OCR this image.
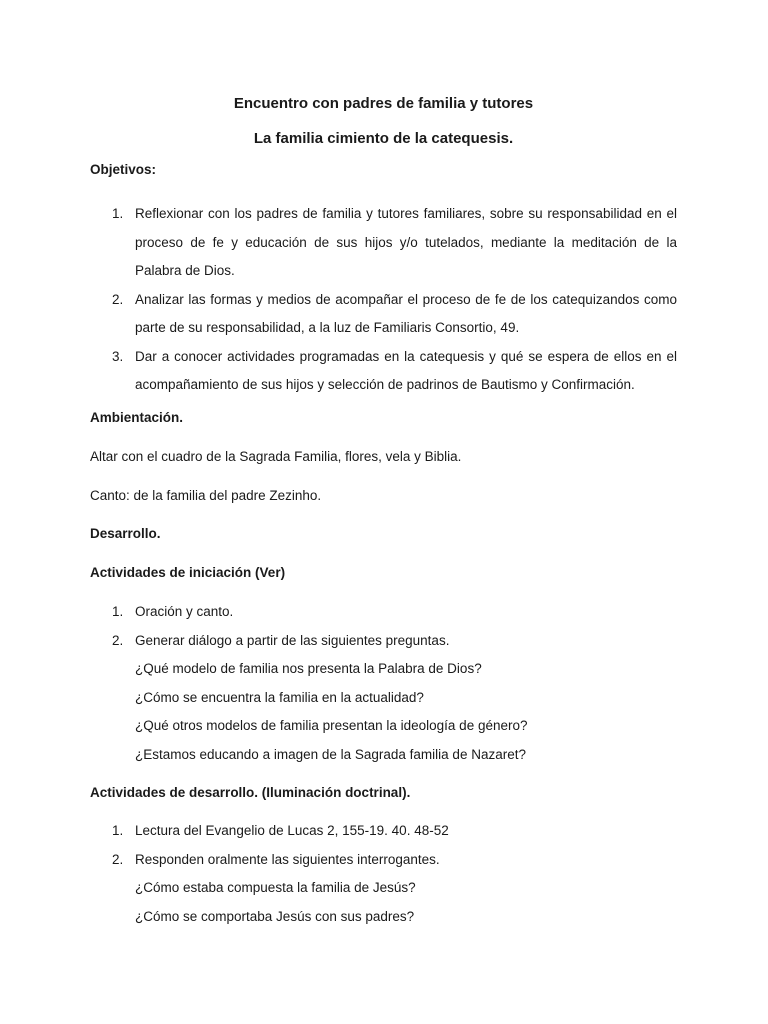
Encuentro con padres de familia y tutores
La familia cimiento de la catequesis.
Objetivos:
1. Reflexionar con los padres de familia y tutores familiares, sobre su responsabilidad en el proceso de fe y educación de sus hijos y/o tutelados, mediante la meditación de la Palabra de Dios.
2. Analizar las formas y medios de acompañar el proceso de fe de los catequizandos como parte de su responsabilidad, a la luz de Familiaris Consortio, 49.
3. Dar a conocer actividades programadas en la catequesis y qué se espera de ellos en el acompañamiento de sus hijos y selección de padrinos de Bautismo y Confirmación.
Ambientación.
Altar con el cuadro de la Sagrada Familia, flores, vela y Biblia.
Canto: de la familia del padre Zezinho.
Desarrollo.
Actividades de iniciación (Ver)
1. Oración y canto.
2. Generar diálogo a partir de las siguientes preguntas.
¿Qué modelo de familia nos presenta la Palabra de Dios?
¿Cómo se encuentra la familia en la actualidad?
¿Qué otros modelos de familia presentan la ideología de género?
¿Estamos educando a imagen de la Sagrada familia de Nazaret?
Actividades de desarrollo. (Iluminación doctrinal).
1. Lectura del Evangelio de Lucas 2, 155-19. 40. 48-52
2. Responden oralmente las siguientes interrogantes.
¿Cómo estaba compuesta la familia de Jesús?
¿Cómo se comportaba Jesús con sus padres?
